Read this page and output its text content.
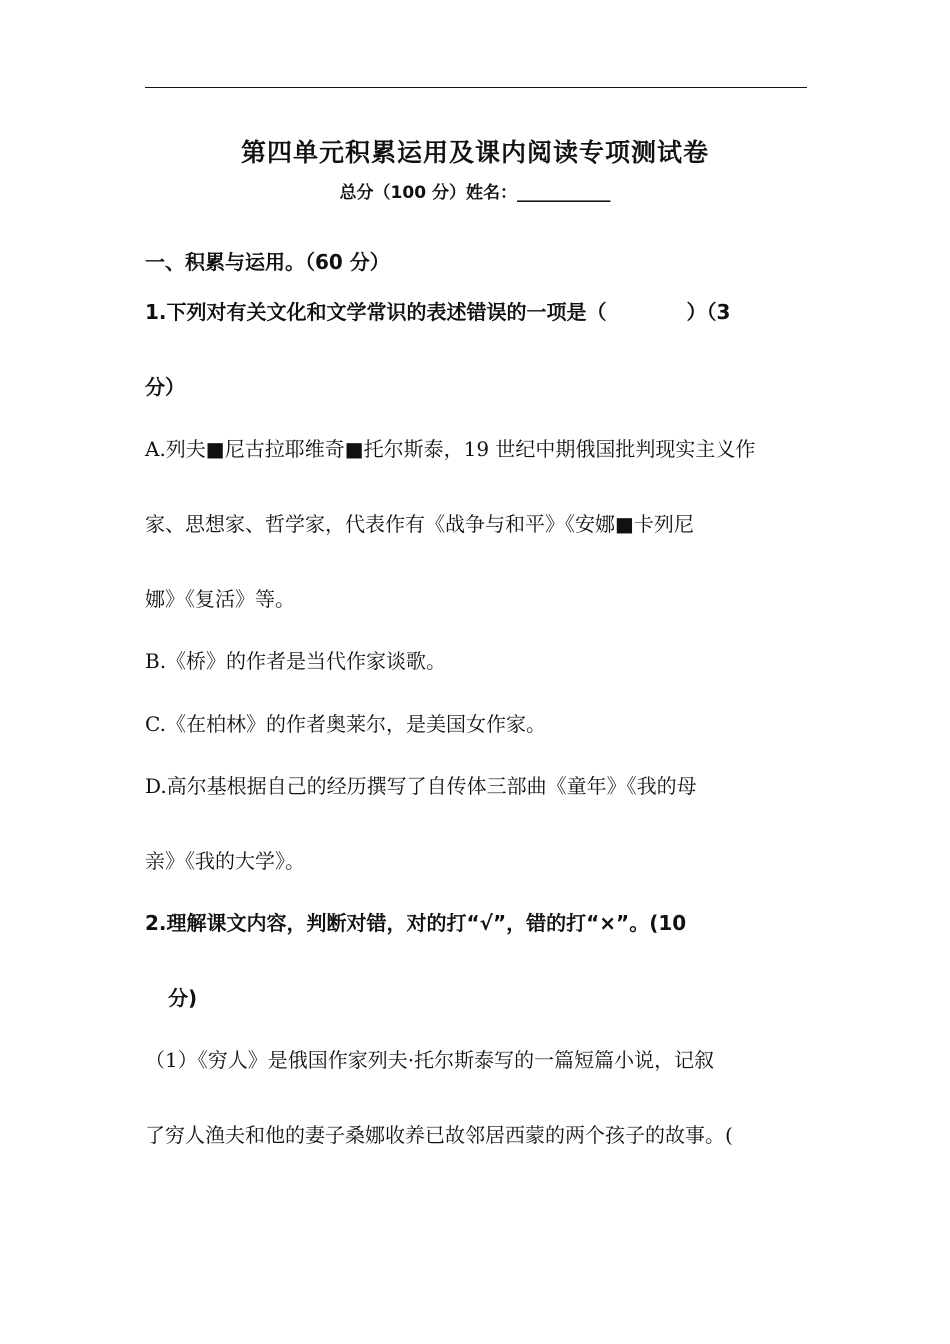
第四单元积累运用及课内阅读专项测试卷
总分（100 分）姓名：___________
一、积累与运用。（60 分）
1.下列对有关文化和文学常识的表述错误的一项是（　　　　）（3
分）
A.列夫■尼古拉耶维奇■托尔斯泰，19 世纪中期俄国批判现实主义作
家、思想家、哲学家，代表作有《战争与和平》《安娜■卡列尼
娜》《复活》等。
B.《桥》的作者是当代作家谈歌。
C.《在柏林》的作者奥莱尔，是美国女作家。
D.高尔基根据自己的经历撰写了自传体三部曲《童年》《我的母
亲》《我的大学》。
2.理解课文内容，判断对错，对的打“√”，错的打“×”。(10
分)
（1）《穷人》是俄国作家列夫·托尔斯泰写的一篇短篇小说，记叙
了穷人渔夫和他的妻子桑娜收养已故邻居西蒙的两个孩子的故事。(
